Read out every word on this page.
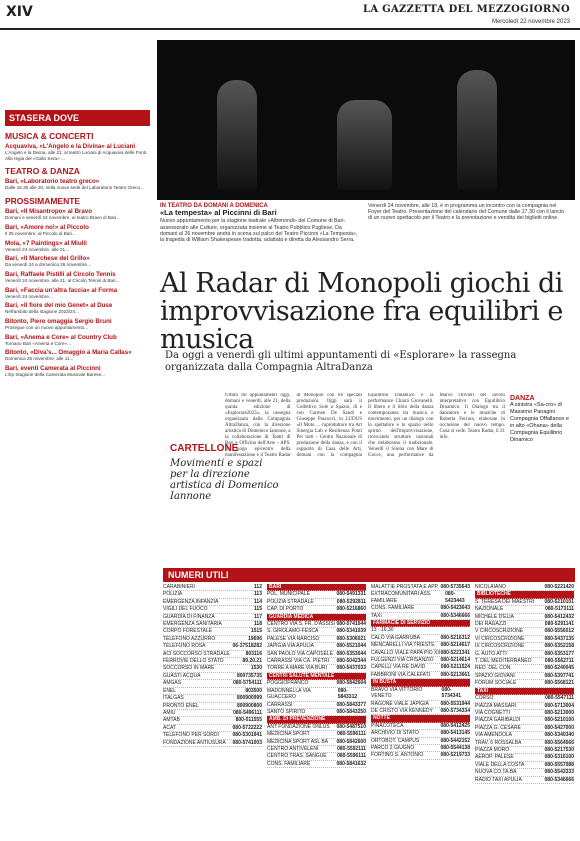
XIV	LA GAZZETTA DEL MEZZOGIORNO
Mercoledì 22 novembre 2023
STASERA DOVE
MUSICA & CONCERTI
Acquaviva, «L'Angelo e la Divina» al Luciani
L'Angelo e la Divina, alle 21, al teatro Luciani di Acquaviva delle Fonti. Alla regia del «Gallo Sera» ...
TEATRO & DANZA
Bari, «Laboratorio teatro greco»
Dalle 16.30 alle 20, nella nuova sede del Laboratorio Teatro Greco...
PROSSIMAMENTE
Bari, «Il Misantropo» al Bravo
Domani e venerdì 24 novembre, al teatro Bravo di Bari...
Bari, «Amore no!» al Piccolo
Il 25 novembre, al Piccolo di Bari...
Mola, «7 Paintings» al Miulli
Venerdì 24 novembre, alle 21...
Bari, «Il Marchese del Grillo»
Da venerdì 24 a domenica 26 novembre...
Bari, Raffaele Pistilli al Circolo Tennis
Venerdì 24 novembre, alle 21, al Circolo Tennis di Bari...
Bari, «Faccia un'altra faccia» al Forma
Venerdì 24 novembre...
Bari, «Il fiore del mio Genet» al Duse
Nell'ambito della stagione 2023/24...
Bitonto, Piero omaggia Sergio Bruni
Prosegue con un nuovo appuntamento...
Bari, «Anema e Core» al Country Club
Tornano Bari «Anema e Core»...
Bitonto, «Diva's... Omaggio a Maria Callas»
Domenica 26 novembre, alle 11...
Bari, eventi Camerata al Piccinni
L'Ep Stagione della Camerata Musicale Barese...
IN TEATRO DA DOMANI A DOMENICA
«La tempesta» al Piccinni di Bari
Nuovo appuntamento per la stagione teatrale «Altrimondi» del Comune di Bari- assessorato alle Culture, organizzata insieme al Teatro Pubblico Pugliese. Da domani al 26 novembre andrà in scena sul palco del Teatro Piccinni «La Tempesta», la tragedia di William Shakespeare tradotta, adattata e diretta da Alessandro Serra.
Venerdì 24 novembre, alle 18, è in programma un incontro con la compagnia nel Foyer del Teatro. Presentazione del calendario del Comune dalle 17.30 con il lancio di un nuovo spettacolo per il Teatro e la prenotazione e vendita dei biglietti online.
Al Radar di Monopoli giochi di improvvisazione fra equilibri e musica
Da oggi a venerdì gli ultimi appuntamenti di «Esplorare» la rassegna organizzata dalla Compagnia AltraDanza
CARTELLONE
Movimenti e spazi per la direzione artistica di Domenico Iannone
Ultimi tre appuntamenti oggi, domani e venerdì, alle 21, della quinta edizione di «Esplorare2023», la rassegna organizzata dalla Compagnia AltraDanza, con la direzione artistica di Domenico Iannone, a la collaborazione di Teatri di Bari e Officina dell'Arte - APS. Il luogo epicentro della manifestazione è il Teatro Radar di Monopoli con tre speciali produzioni. Oggi sarà il Collettivo Sole a Spazio, di e con Carmen De Sandi e Giuseppe Pascucci, in LUDUS «Il Moto ... coproduttore tra Art Sinergia Lab e Resilienza Ponti Per tutti - Centro Nazionale di produzione della danza, e con il supporto di Casa delle Arti, domani con la compagnia Equilibrio Dinamico e la performance Chiara Giovanelli. Il libero e il libro della danza contemporanea tra musica e movimento, per un dialogo con lo spettatore e lo spazio nello spirito dell'improvvisazione, ricercando strutture razionali che rielaborano il tradizionale. Venerdì il Sirena con Mare di Gocce, una performance da Marco Olivieri del lavoro interpretativo con Equilibrio Dinamico. Il Dialogo tra il danzatore e le musiche di Roberta Ferrara, elaborate in occasione del nuovo tempo. Cosa si vede. Teatro Radar, il 21 info.
DANZA
A sinistra «Sa-cro» di Massimo Panagini Compagnia Offallance e in alto «Ohana» della Compagnia Equilibrio Dinamico
NUMERI UTILI
CARABINIERI	112
POLIZIA	113
EMERGENZA INFANZIA	114
VIGILI DEL FUOCO	115
GUARDIA DI FINANZA	117
EMERGENZA SANITARIA	118
CORPO FORESTALE	1515
TELEFONO AZZURRO	19696
TELEFONO ROSA	06-37518282
ACI SOCCORSO STRADALE	803116
FERROVIE DELLO STATO	89.20.21
SOCCORSO IN MARE	1530
GUASTI ACQUA	800735735
AMGAS	080-5754111
ENEL	803500
ITALGAS	800900999
PRONTO ENEL	800900800
AMIU	080-5496111
AMTAB	800-011555
ACAT	080-5722222
TELEFONO PER SORDI	080-5301941
FONDAZIONE ANTIUSURA 080-5741003
BARI
POL. MUNICIPALE	080-5491331
POLIZIA STRADALE	080-5292811
CAP. DI PORTO	080-5216860
GUARDIA MEDICA
CENTRO VIA S. FR. D'ASSISI 080-5741044
S. GIROLAMO-FESCA	080-5341039
PALESE VIA NARCISO	080-5306021
JAPIGIA VIA APULIA	080-5521044
SAN PAOLO VIA CAPOSELE 080-5353044
CARRASSI VIA CA. PIETRI 080-5042344
TORRE A MARE VIA BURI 080-5437033
CENTRI SALUTE MENTALE
POGGIOFRANCO	080-5842604
MADONNELLA VIA GUACCERO
080-5843312
CARRASSI	080-5843377
SANTO SPIRITO	080-5843250
AMB. DI PREVENZIONE
ANT FONDAZIONE ONLUS 080-5487510
MEDICINA SPORT	080-5596111
MEDICINA SPORT ASL BA 080-5842600
CENTRO ANTIVELENI	080-5592111
CENTRO TRAS. SANGUE 080-5596111
CONS. FAMILIARE	080-5841632
MALATTIE PROSTATA E APP. 080-5735643
EXTRACOMUNITARI ASS. FAMILIARE
080-5423443
CONS. FAMILIARE	080-5423643
TAXI	080-5346666
FARMACIE DI SERVIZIO
13 - 16.30
CALÒ VIA GARRUBA	080-5216312
MENCARELLI VIA TRIESTE 080-5214617
CAVALLO VIALE PAPA PIO XII 080-5221341
FULGENZI VIA CRISANZIO 080-5214614
CAPELLI VIA RE DAVID	080-5211524
FABBRONI VIA CALEFATI 080-5213661
IN BUSTA
BRAVO VIA VITTORIO VENETO
080-5734341
RAGONE VIALE JAPIGIA 080-5531944
DE CRISTO VIA KENNEDY 080-5734334
NOTTE
PINACOTECA	080-5412425
ARCHIVIO DI STATO	080-5413145
ORTOBOT. CAMPUS	080-5442152
PARCO 2 GIUGNO	080-5544138
FORTINO S. ANTONIO	080-5219733
NICOLAIANO	080-5221420
BIBLIOTECHE
S. TERESA DEI MAESTRI 080-5210101
NAZIONALE	080-5173111
MICHELE D'ELIA	080-5412432
DEI RAGAZZI	080-5291141
V CIRCOSCRIZIONE	080-5556012
VI CIRCOSCRIZIONE	080-5437135
IX CIRCOSCRIZIONE	080-5352158
G. AUTO ATTI	080-5353177
T. DEL MEDITERRANEO	080-5562711
RED. DEL CON.	080-5240045
SPAZIO GIOVANI	080-5397741
FORUM SOCIALE	080-5568121
TAXI
CORSO	080-5547111
PIAZZA MASSARI	080-5713004
VIA COGNETTI	080-5213000
PIAZZA GARIBALDI	080-5210100
PIAZZA G. CESARE	080-5427000
VIA AMENDOLA	080-5340340
TRAV. 6 ROSSALBA	080-5564566
PIAZZA MORO	080-5217530
AEROP. PALESE	080-5316100
VIALE DELLA COSTA	080-5557088
NUOVA CO.TA.BA	080-5543333
RADIO TAXI APULIA	080-5346666
